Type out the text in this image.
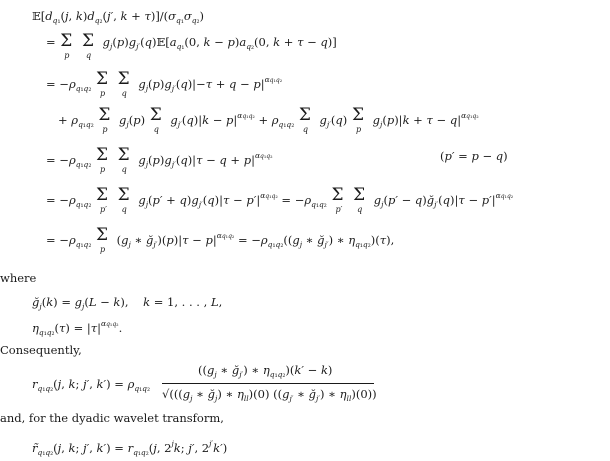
$𝔼[d_{q_1}(j$, $k)d_{q_2}(j'$, $k + \tau)]/(\sigma_{q_1}\sigma_{q_2})$
= Σ
p

Σ
q
$g_j(p)g_{j'}(q)𝔼[a_{q_1}(0$, $k - p)a_{q_2}(0$, k + τ − q)]
= $-\rho_{q_1q_2}$ Σ
p

Σ
q
$g_j(p)g_{j'}(q)|-\tau + q - p|^{\alpha q_1q_2}$
+ $\rho_{q_1q_2}$ Σ
p
$g_j(p)$ Σ
q
$g_{j'}(q)|k - p|^{\alpha q_1q_2} + \rho_{q_1q_2}$ Σ
q
$g_{j'}(q)$ Σ
p
$g_j(p)|k + \tau - q|^{\alpha q_1q_2}$
= $-\rho_{q_1q_2}$ Σ
p

Σ
q
$g_j(p)g_{j'}(q)|\tau - q + p|^{\alpha q_1q_2}$	(p′ = p − q)
= $-\rho_{q_1q_2}$ Σ
p′

Σ
q
$g_j(p' + q)g_{j'}(q)|\tau - p'|^{\alpha q_1q_2} = -\rho_{q_1q_2}$ Σ
p′

Σ
q
$g_j(p'$ − $q)ğ_{j'}(q)|\tau - p'|^{\alpha q_1q_2}$
= $-\rho_{q_1q_2}$ Σ
p
($g_j$ ∗ $ğ_{j'})(p)|\tau - p|^{\alpha q_1q_2} = -\rho_{q_1q_2}((g_j$ ∗ $ğ_{j'}$) ∗ $\eta_{q_1q_2})(\tau)$,
where
$ğ_j(k) = g_j(L - k)$,    k = 1, . . . , L,
$\eta_{q_1q_2}(\tau) = |\tau|^{\alpha q_1q_2}$.
Consequently,
$r_{q_1q_2}(j$, k; j′, $k') = \rho_{q_1q_2}$
(($g_j$ ∗ $ğ_{j'}$) ∗ $\eta_{q_1q_2})(k' - k)$
$√(((g_j$ ∗ $ğ_j$) ∗ $\eta_{ll})(0)$ (($g_{j'}$ ∗ $ğ_{j'}$) ∗ $\eta_{ll})(0)$)
and, for the dyadic wavelet transform,
$r̃_{q_1q_2}(j$, k; j′, $k') = r_{q_1q_2}(j$, 2$^j$k; j′, $2^{j'}k'$)
